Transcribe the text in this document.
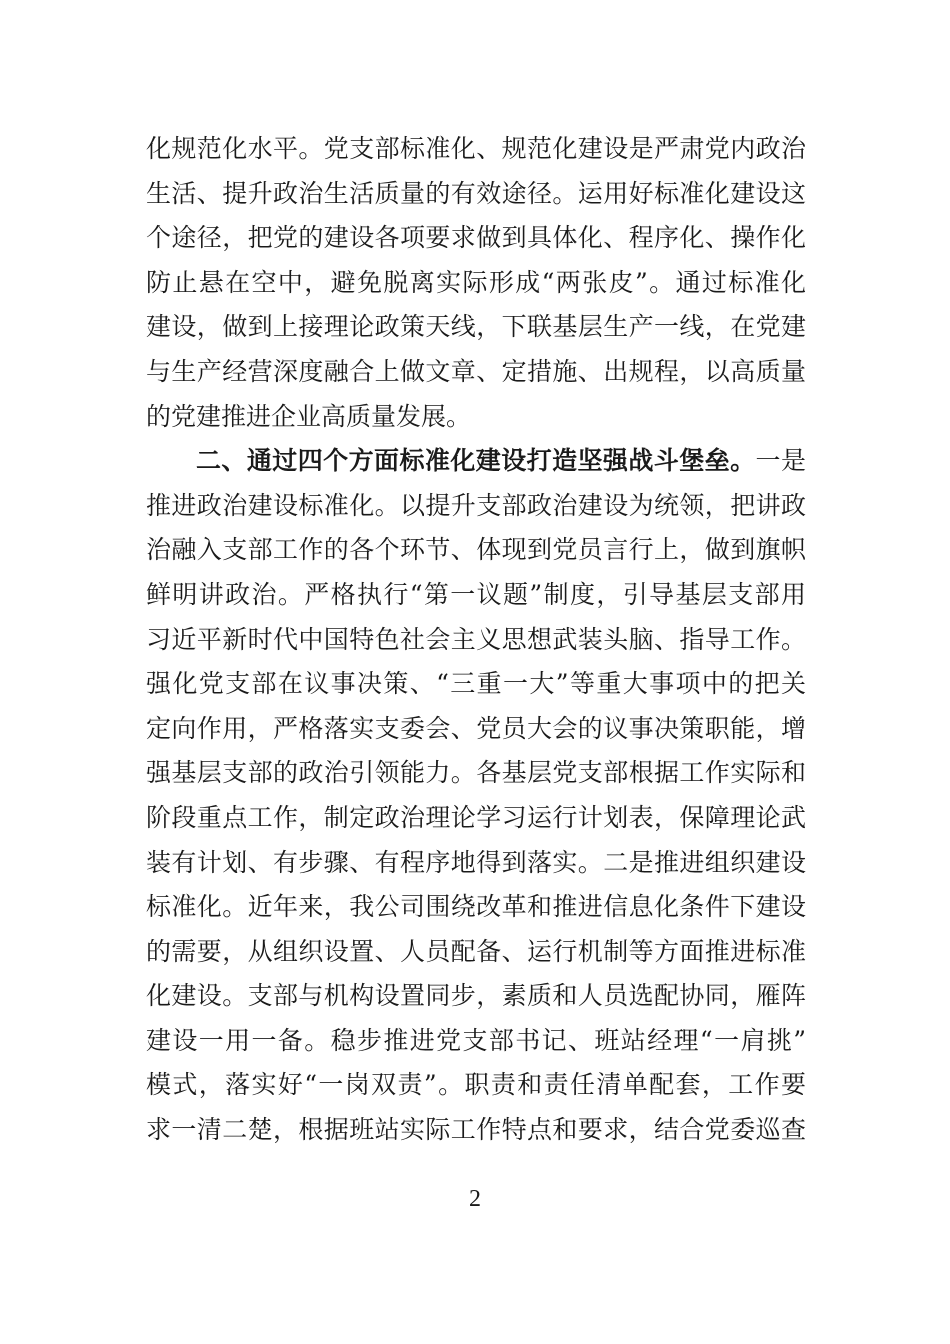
化规范化水平。党支部标准化、规范化建设是严肃党内政治
生活、提升政治生活质量的有效途径。运用好标准化建设这
个途径，把党的建设各项要求做到具体化、程序化、操作化
防止悬在空中，避免脱离实际形成“两张皮”。通过标准化
建设，做到上接理论政策天线，下联基层生产一线，在党建
与生产经营深度融合上做文章、定措施、出规程，以高质量
的党建推进企业高质量发展。
二、通过四个方面标准化建设打造坚强战斗堡垒。一是
推进政治建设标准化。以提升支部政治建设为统领，把讲政
治融入支部工作的各个环节、体现到党员言行上，做到旗帜
鲜明讲政治。严格执行“第一议题”制度，引导基层支部用
习近平新时代中国特色社会主义思想武装头脑、指导工作。
强化党支部在议事决策、“三重一大”等重大事项中的把关
定向作用，严格落实支委会、党员大会的议事决策职能，增
强基层支部的政治引领能力。各基层党支部根据工作实际和
阶段重点工作，制定政治理论学习运行计划表，保障理论武
装有计划、有步骤、有程序地得到落实。二是推进组织建设
标准化。近年来，我公司围绕改革和推进信息化条件下建设
的需要，从组织设置、人员配备、运行机制等方面推进标准
化建设。支部与机构设置同步，素质和人员选配协同，雁阵
建设一用一备。稳步推进党支部书记、班站经理“一肩挑”
模式，落实好“一岗双责”。职责和责任清单配套，工作要
求一清二楚，根据班站实际工作特点和要求，结合党委巡查
2
